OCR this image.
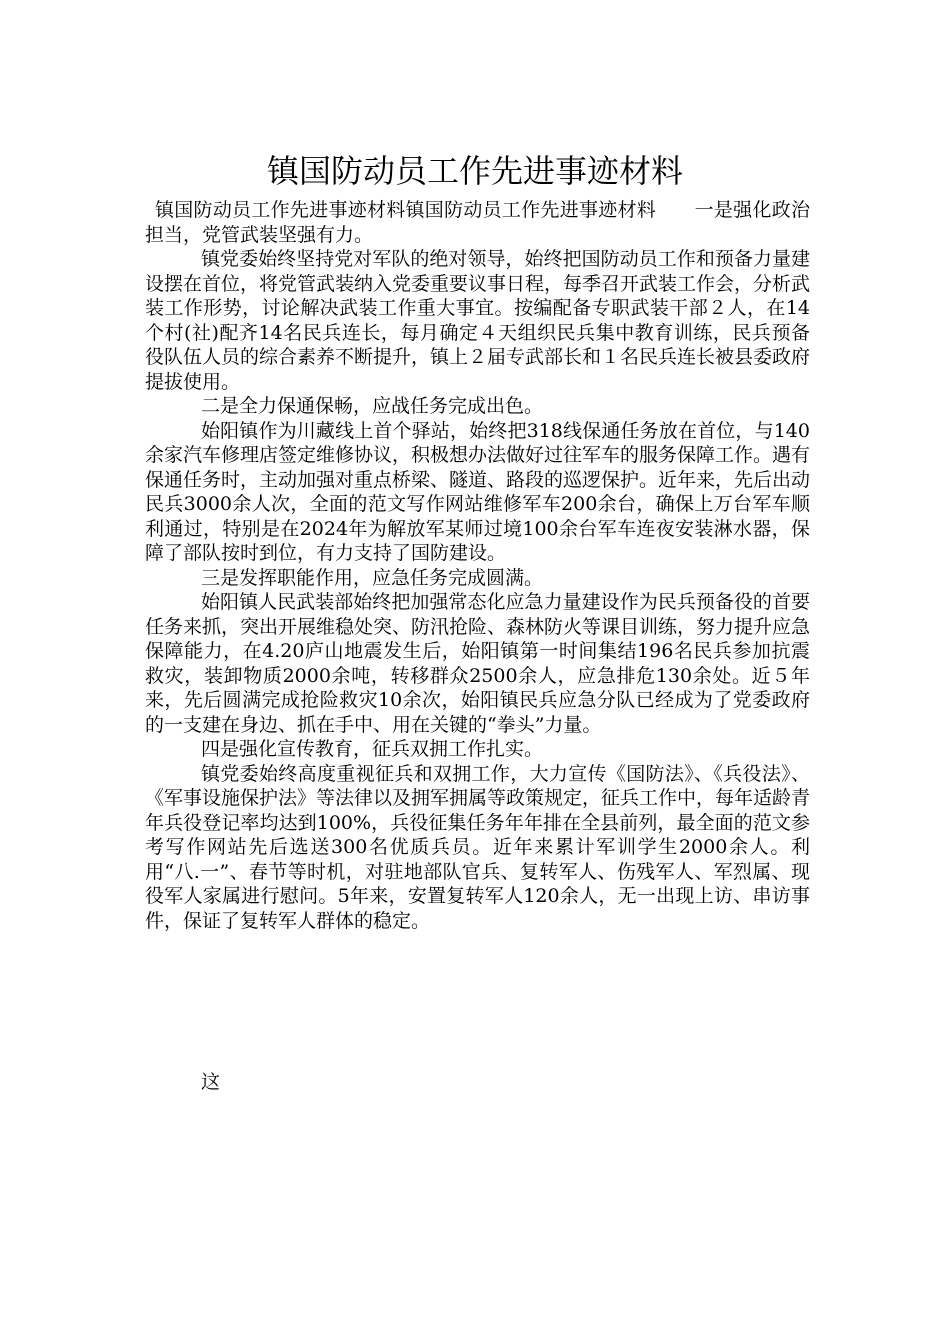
镇国防动员工作先进事迹材料

镇国防动员工作先进事迹材料镇国防动员工作先进事迹材料　　一是强化政治担当，党管武装坚强有力。

镇党委始终坚持党对军队的绝对领导，始终把国防动员工作和预备力量建设摆在首位，将党管武装纳入党委重要议事日程，每季召开武装工作会，分析武装工作形势，讨论解决武装工作重大事宜。按编配备专职武装干部２人，在14个村(社)配齐14名民兵连长，每月确定４天组织民兵集中教育训练，民兵预备役队伍人员的综合素养不断提升，镇上２届专武部长和１名民兵连长被县委政府提拔使用。

二是全力保通保畅，应战任务完成出色。

始阳镇作为川藏线上首个驿站，始终把318线保通任务放在首位，与140余家汽车修理店签定维修协议，积极想办法做好过往军车的服务保障工作。遇有保通任务时，主动加强对重点桥梁、隧道、路段的巡逻保护。近年来，先后出动民兵3000余人次，全面的范文写作网站维修军车200余台，确保上万台军车顺利通过，特别是在2024年为解放军某师过境100余台军车连夜安装淋水器，保障了部队按时到位，有力支持了国防建设。

三是发挥职能作用，应急任务完成圆满。

始阳镇人民武装部始终把加强常态化应急力量建设作为民兵预备役的首要任务来抓，突出开展维稳处突、防汛抢险、森林防火等课目训练，努力提升应急保障能力，在4.20庐山地震发生后，始阳镇第一时间集结196名民兵参加抗震救灾，装卸物质2000余吨，转移群众2500余人，应急排危130余处。近５年来，先后圆满完成抢险救灾10余次，始阳镇民兵应急分队已经成为了党委政府的一支建在身边、抓在手中、用在关键的“拳头”力量。

四是强化宣传教育，征兵双拥工作扎实。

镇党委始终高度重视征兵和双拥工作，大力宣传《国防法》、《兵役法》、《军事设施保护法》等法律以及拥军拥属等政策规定，征兵工作中，每年适龄青年兵役登记率均达到100%，兵役征集任务年年排在全县前列，最全面的范文参考写作网站先后选送300名优质兵员。近年来累计军训学生2000余人。利用“八.一”、春节等时机，对驻地部队官兵、复转军人、伤残军人、军烈属、现役军人家属进行慰问。5年来，安置复转军人120余人，无一出现上访、串访事件，保证了复转军人群体的稳定。

这
